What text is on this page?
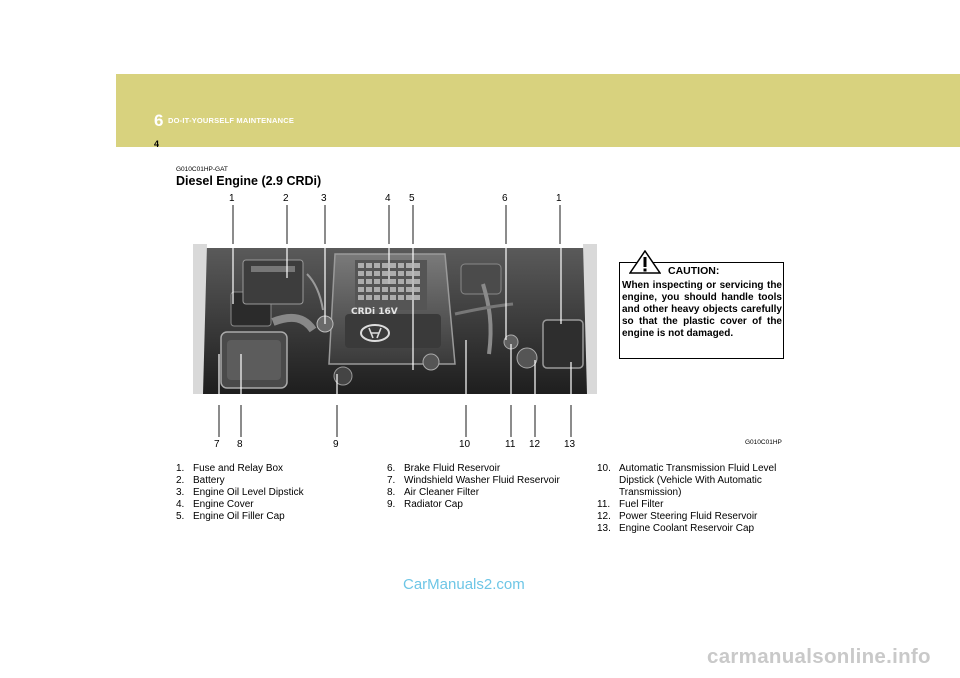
6 DO-IT-YOURSELF MAINTENANCE
4
G010C01HP-GAT
Diesel Engine (2.9 CRDi)
1	2	3	4 5	6	1
CRDi 16V
7 8	9	10	11 12 13
CAUTION:
When inspecting or servicing the engine, you should handle tools and other heavy objects carefully so that the plastic cover of the engine is not damaged.
G010C01HP
1. Fuse and Relay Box
2. Battery
3. Engine Oil Level Dipstick
4. Engine Cover
5. Engine Oil Filler Cap
6. Brake Fluid Reservoir
7. Windshield Washer Fluid Reservoir
8. Air Cleaner Filter
9. Radiator Cap
10. Automatic Transmission Fluid Level Dipstick (Vehicle With Automatic Transmission)
11. Fuel Filter
12. Power Steering Fluid Reservoir
13. Engine Coolant Reservoir Cap
CarManuals2.com
carmanualsonline.info
